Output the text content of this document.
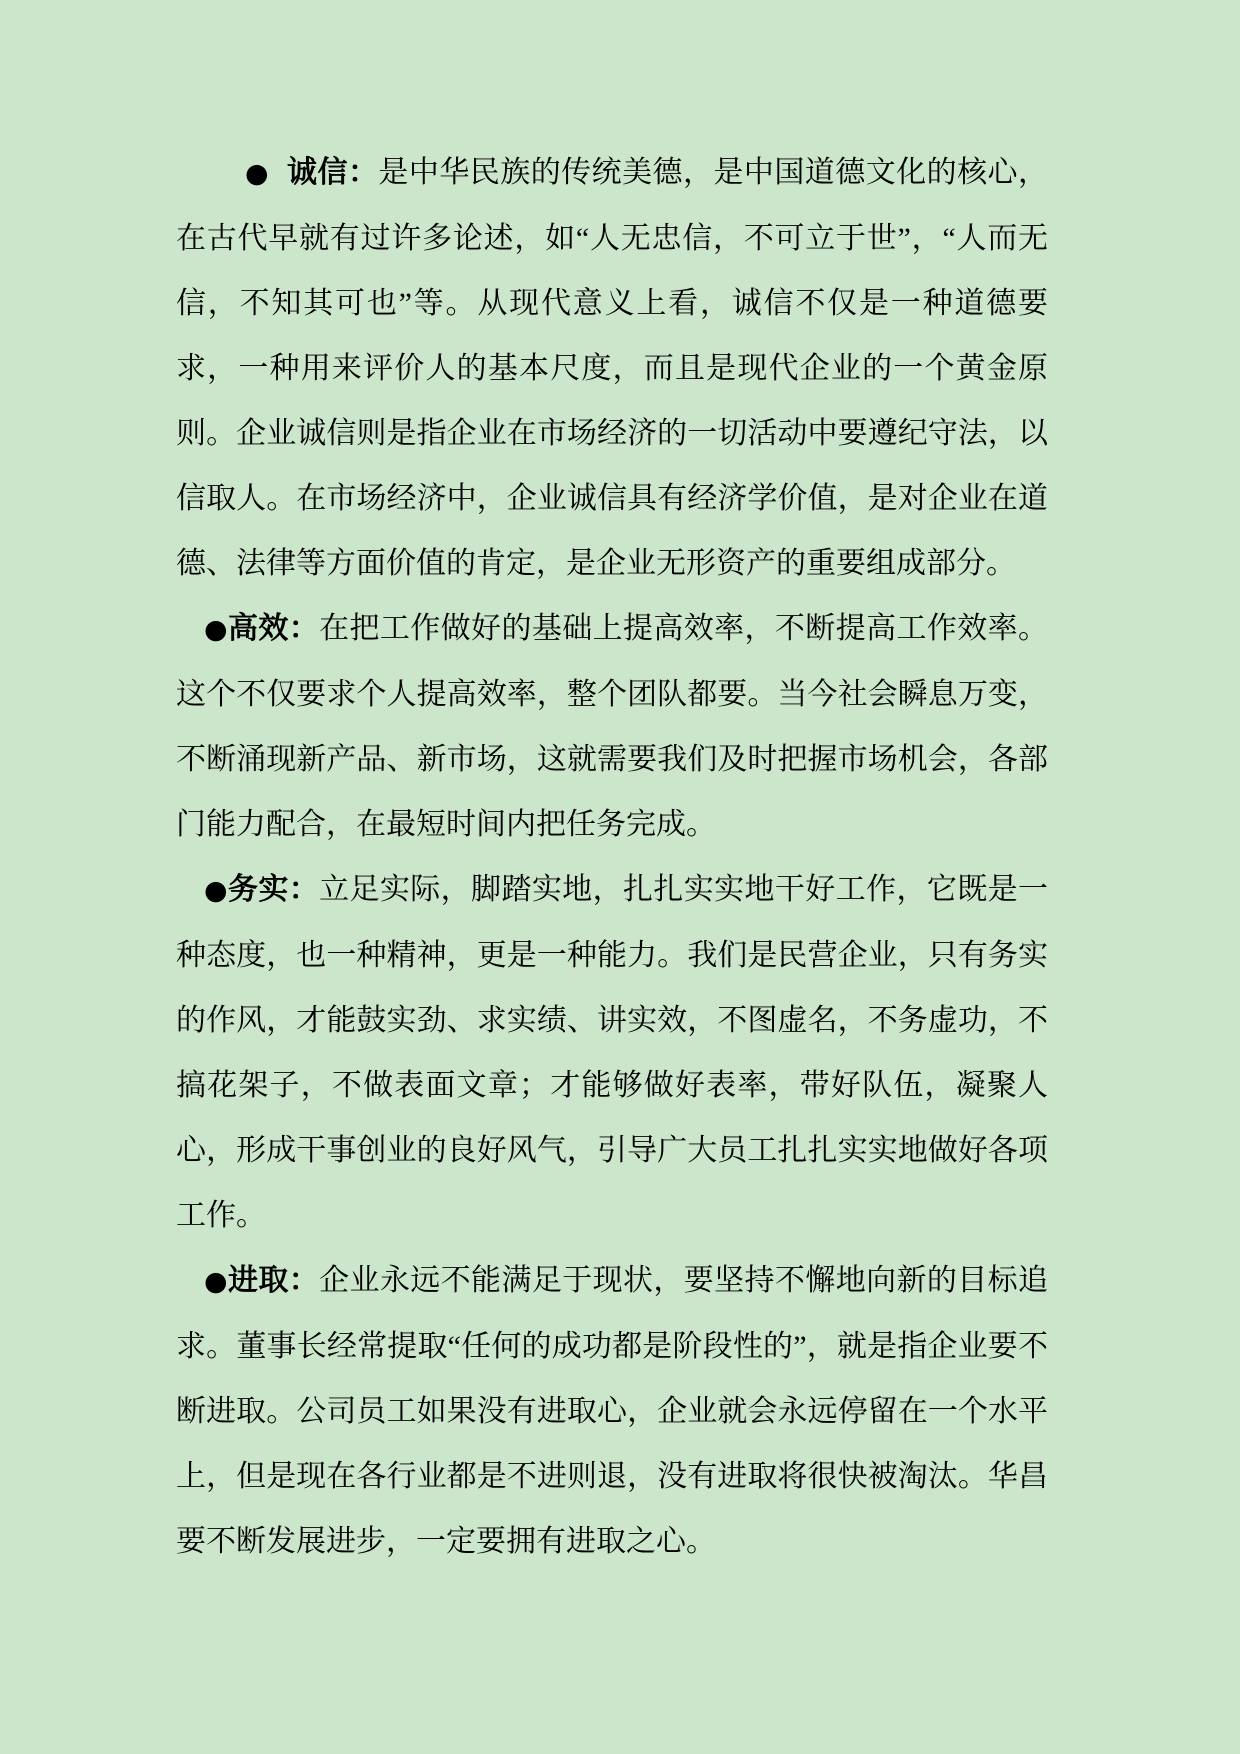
● 诚信：是中华民族的传统美德，是中国道德文化的核心，在古代早就有过许多论述，如“人无忠信，不可立于世”，“人而无信，不知其可也”等。从现代意义上看，诚信不仅是一种道德要求，一种用来评价人的基本尺度，而且是现代企业的一个黄金原则。企业诚信则是指企业在市场经济的一切活动中要遵纪守法，以信取人。在市场经济中，企业诚信具有经济学价值，是对企业在道德、法律等方面价值的肯定，是企业无形资产的重要组成部分。

●高效：在把工作做好的基础上提高效率，不断提高工作效率。这个不仅要求个人提高效率，整个团队都要。当今社会瞬息万变，不断涌现新产品、新市场，这就需要我们及时把握市场机会，各部门能力配合，在最短时间内把任务完成。

●务实：立足实际，脚踏实地，扎扎实实地干好工作，它既是一种态度，也一种精神，更是一种能力。我们是民营企业，只有务实的作风，才能鼓实劲、求实绩、讲实效，不图虚名，不务虚功，不搞花架子，不做表面文章；才能够做好表率，带好队伍，凝聚人心，形成干事创业的良好风气，引导广大员工扎扎实实地做好各项工作。

●进取：企业永远不能满足于现状，要坚持不懈地向新的目标追求。董事长经常提取“任何的成功都是阶段性的”，就是指企业要不断进取。公司员工如果没有进取心，企业就会永远停留在一个水平上，但是现在各行业都是不进则退，没有进取将很快被淘汰。华昌要不断发展进步，一定要拥有进取之心。
